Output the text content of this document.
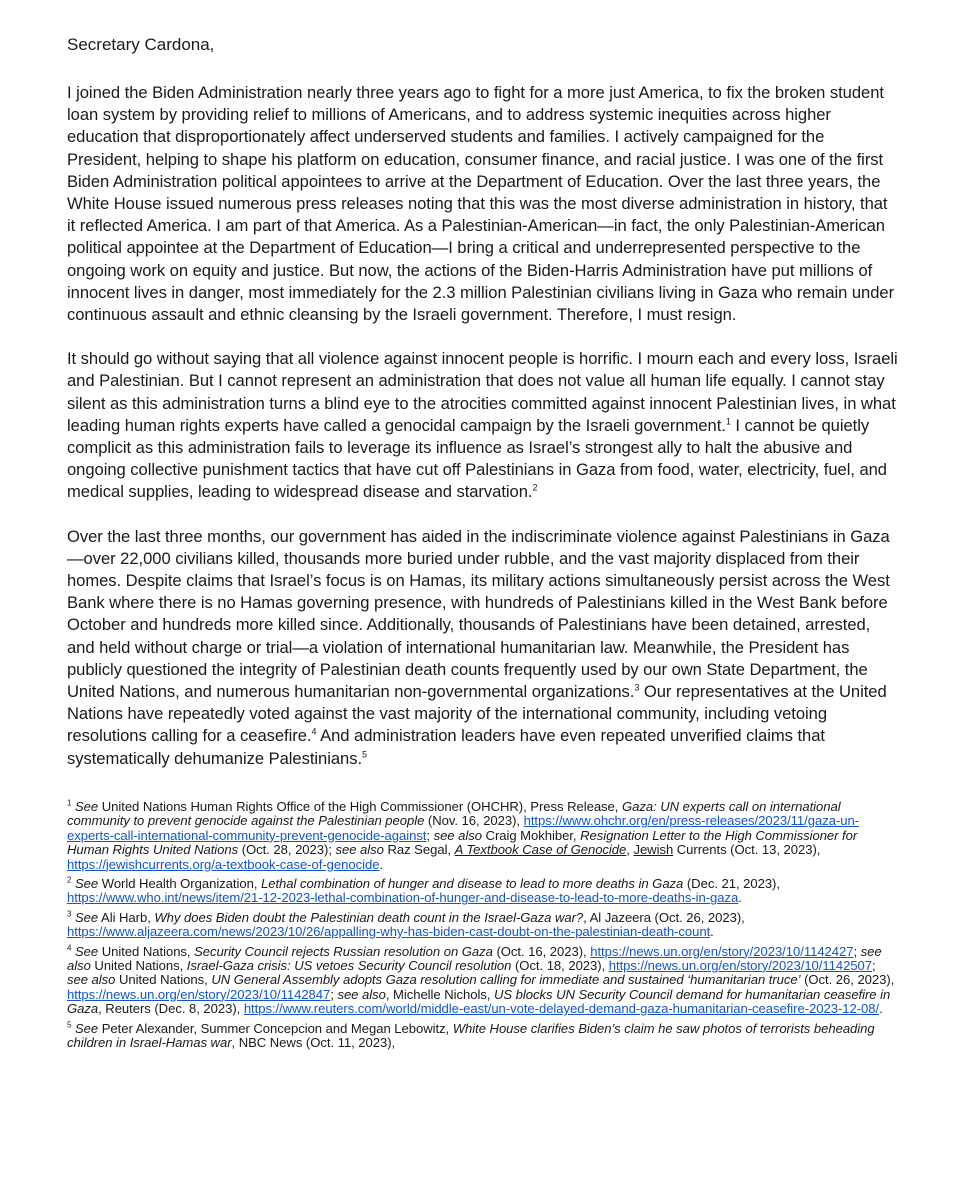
Secretary Cardona,

I joined the Biden Administration nearly three years ago to fight for a more just America, to fix the broken student loan system by providing relief to millions of Americans, and to address systemic inequities across higher education that disproportionately affect underserved students and families. I actively campaigned for the President, helping to shape his platform on education, consumer finance, and racial justice. I was one of the first Biden Administration political appointees to arrive at the Department of Education. Over the last three years, the White House issued numerous press releases noting that this was the most diverse administration in history, that it reflected America. I am part of that America. As a Palestinian-American—in fact, the only Palestinian-American political appointee at the Department of Education—I bring a critical and underrepresented perspective to the ongoing work on equity and justice. But now, the actions of the Biden-Harris Administration have put millions of innocent lives in danger, most immediately for the 2.3 million Palestinian civilians living in Gaza who remain under continuous assault and ethnic cleansing by the Israeli government. Therefore, I must resign.

It should go without saying that all violence against innocent people is horrific. I mourn each and every loss, Israeli and Palestinian. But I cannot represent an administration that does not value all human life equally. I cannot stay silent as this administration turns a blind eye to the atrocities committed against innocent Palestinian lives, in what leading human rights experts have called a genocidal campaign by the Israeli government.$^1$ I cannot be quietly complicit as this administration fails to leverage its influence as Israel’s strongest ally to halt the abusive and ongoing collective punishment tactics that have cut off Palestinians in Gaza from food, water, electricity, fuel, and medical supplies, leading to widespread disease and starvation.$^2$

Over the last three months, our government has aided in the indiscriminate violence against Palestinians in Gaza—over 22,000 civilians killed, thousands more buried under rubble, and the vast majority displaced from their homes. Despite claims that Israel’s focus is on Hamas, its military actions simultaneously persist across the West Bank where there is no Hamas governing presence, with hundreds of Palestinians killed in the West Bank before October and hundreds more killed since. Additionally, thousands of Palestinians have been detained, arrested, and held without charge or trial—a violation of international humanitarian law. Meanwhile, the President has publicly questioned the integrity of Palestinian death counts frequently used by our own State Department, the United Nations, and numerous humanitarian non-governmental organizations.$^3$ Our representatives at the United Nations have repeatedly voted against the vast majority of the international community, including vetoing resolutions calling for a ceasefire.$^4$ And administration leaders have even repeated unverified claims that systematically dehumanize Palestinians.$^5$

$^1$ See United Nations Human Rights Office of the High Commissioner (OHCHR), Press Release, Gaza: UN experts call on international community to prevent genocide against the Palestinian people (Nov. 16, 2023), https://www.ohchr.org/en/press-releases/2023/11/gaza-un-experts-call-international-community-prevent-genocide-against; see also Craig Mokhiber, Resignation Letter to the High Commissioner for Human Rights United Nations (Oct. 28, 2023); see also Raz Segal, A Textbook Case of Genocide, Jewish Currents (Oct. 13, 2023), https://jewishcurrents.org/a-textbook-case-of-genocide.

$^2$ See World Health Organization, Lethal combination of hunger and disease to lead to more deaths in Gaza (Dec. 21, 2023), https://www.who.int/news/item/21-12-2023-lethal-combination-of-hunger-and-disease-to-lead-to-more-deaths-in-gaza.

$^3$ See Ali Harb, Why does Biden doubt the Palestinian death count in the Israel-Gaza war?, Al Jazeera (Oct. 26, 2023), https://www.aljazeera.com/news/2023/10/26/appalling-why-has-biden-cast-doubt-on-the-palestinian-death-count.

$^4$ See United Nations, Security Council rejects Russian resolution on Gaza (Oct. 16, 2023), https://news.un.org/en/story/2023/10/1142427; see also United Nations, Israel-Gaza crisis: US vetoes Security Council resolution (Oct. 18, 2023), https://news.un.org/en/story/2023/10/1142507; see also United Nations, UN General Assembly adopts Gaza resolution calling for immediate and sustained ‘humanitarian truce’ (Oct. 26, 2023), https://news.un.org/en/story/2023/10/1142847; see also, Michelle Nichols, US blocks UN Security Council demand for humanitarian ceasefire in Gaza, Reuters (Dec. 8, 2023), https://www.reuters.com/world/middle-east/un-vote-delayed-demand-gaza-humanitarian-ceasefire-2023-12-08/.

$^5$ See Peter Alexander, Summer Concepcion and Megan Lebowitz, White House clarifies Biden’s claim he saw photos of terrorists beheading children in Israel-Hamas war, NBC News (Oct. 11, 2023),
